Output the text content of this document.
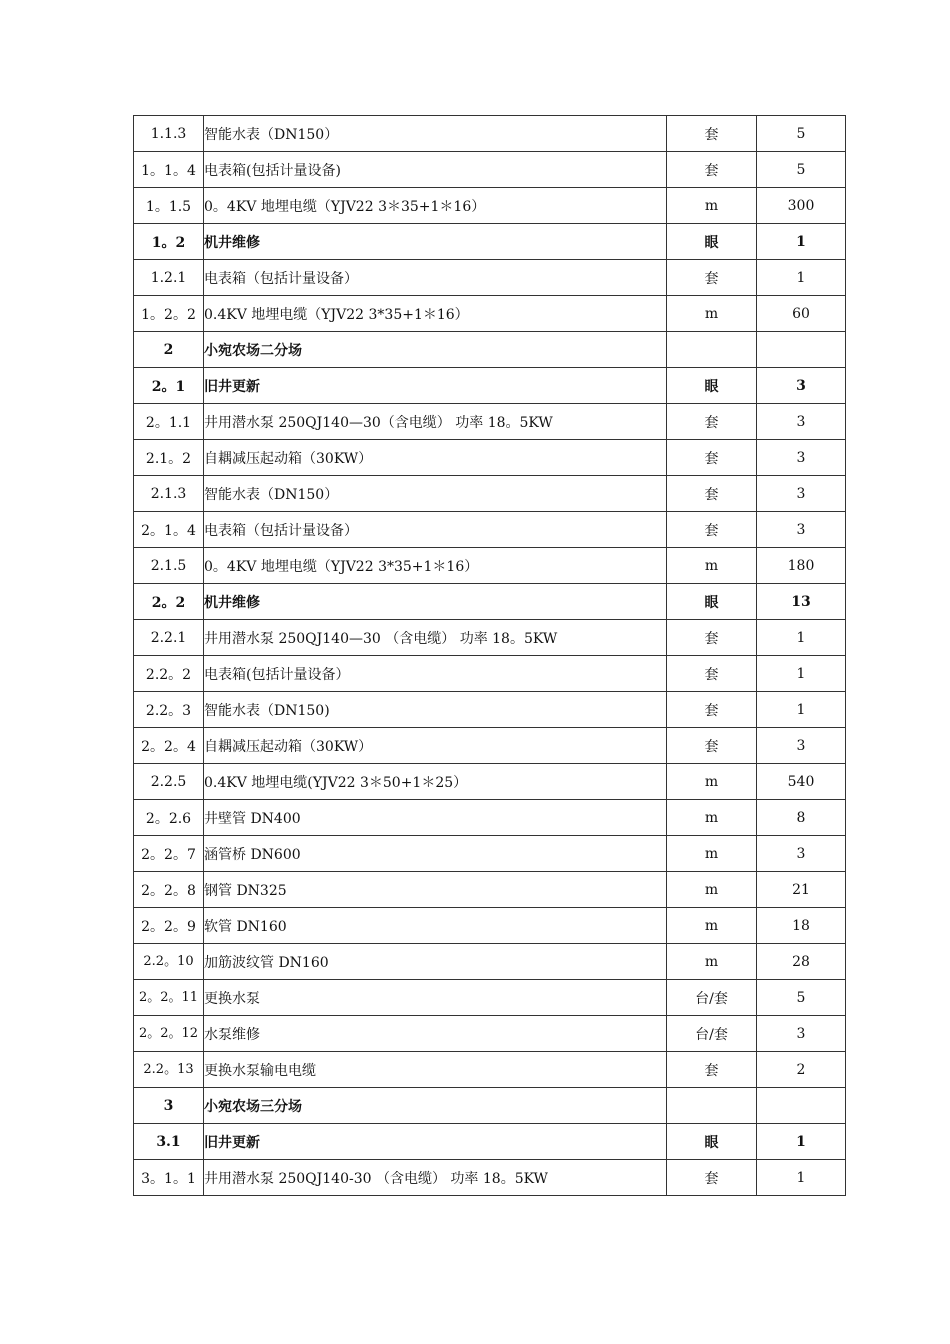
1.1.3	智能水表（DN150）	套	5
1。1。4	电表箱(包括计量设备)	套	5
1。1.5	0。4KV 地埋电缆（YJV22 3＊35+1＊16）	m	300
1。2	机井维修	眼	1
1.2.1	电表箱（包括计量设备）	套	1
1。2。2	0.4KV 地埋电缆（YJV22 3*35+1＊16）	m	60
2	小宛农场二分场		
2。1	旧井更新	眼	3
2。1.1	井用潜水泵 250QJ140—30（含电缆） 功率 18。5KW	套	3
2.1。2	自耦减压起动箱（30KW）	套	3
2.1.3	智能水表（DN150）	套	3
2。1。4	电表箱（包括计量设备）	套	3
2.1.5	0。4KV 地埋电缆（YJV22 3*35+1＊16）	m	180
2。2	机井维修	眼	13
2.2.1	井用潜水泵 250QJ140—30 （含电缆） 功率 18。5KW	套	1
2.2。2	电表箱(包括计量设备）	套	1
2.2。3	智能水表（DN150)	套	1
2。2。4	自耦减压起动箱（30KW）	套	3
2.2.5	0.4KV 地埋电缆(YJV22 3＊50+1＊25）	m	540
2。2.6	井壁管 DN400	m	8
2。2。7	涵管桥 DN600	m	3
2。2。8	钢管 DN325	m	21
2。2。9	软管 DN160	m	18

2.2。10	加筋波纹管 DN160	m	28

2。2。11	更换水泵	台/套	5

2。2。12	水泵维修	台/套	3

2.2。13	更换水泵输电电缆	套	2
3	小宛农场三分场		
3.1	旧井更新	眼	1
3。1。1	井用潜水泵 250QJ140-30 （含电缆） 功率 18。5KW	套	1
